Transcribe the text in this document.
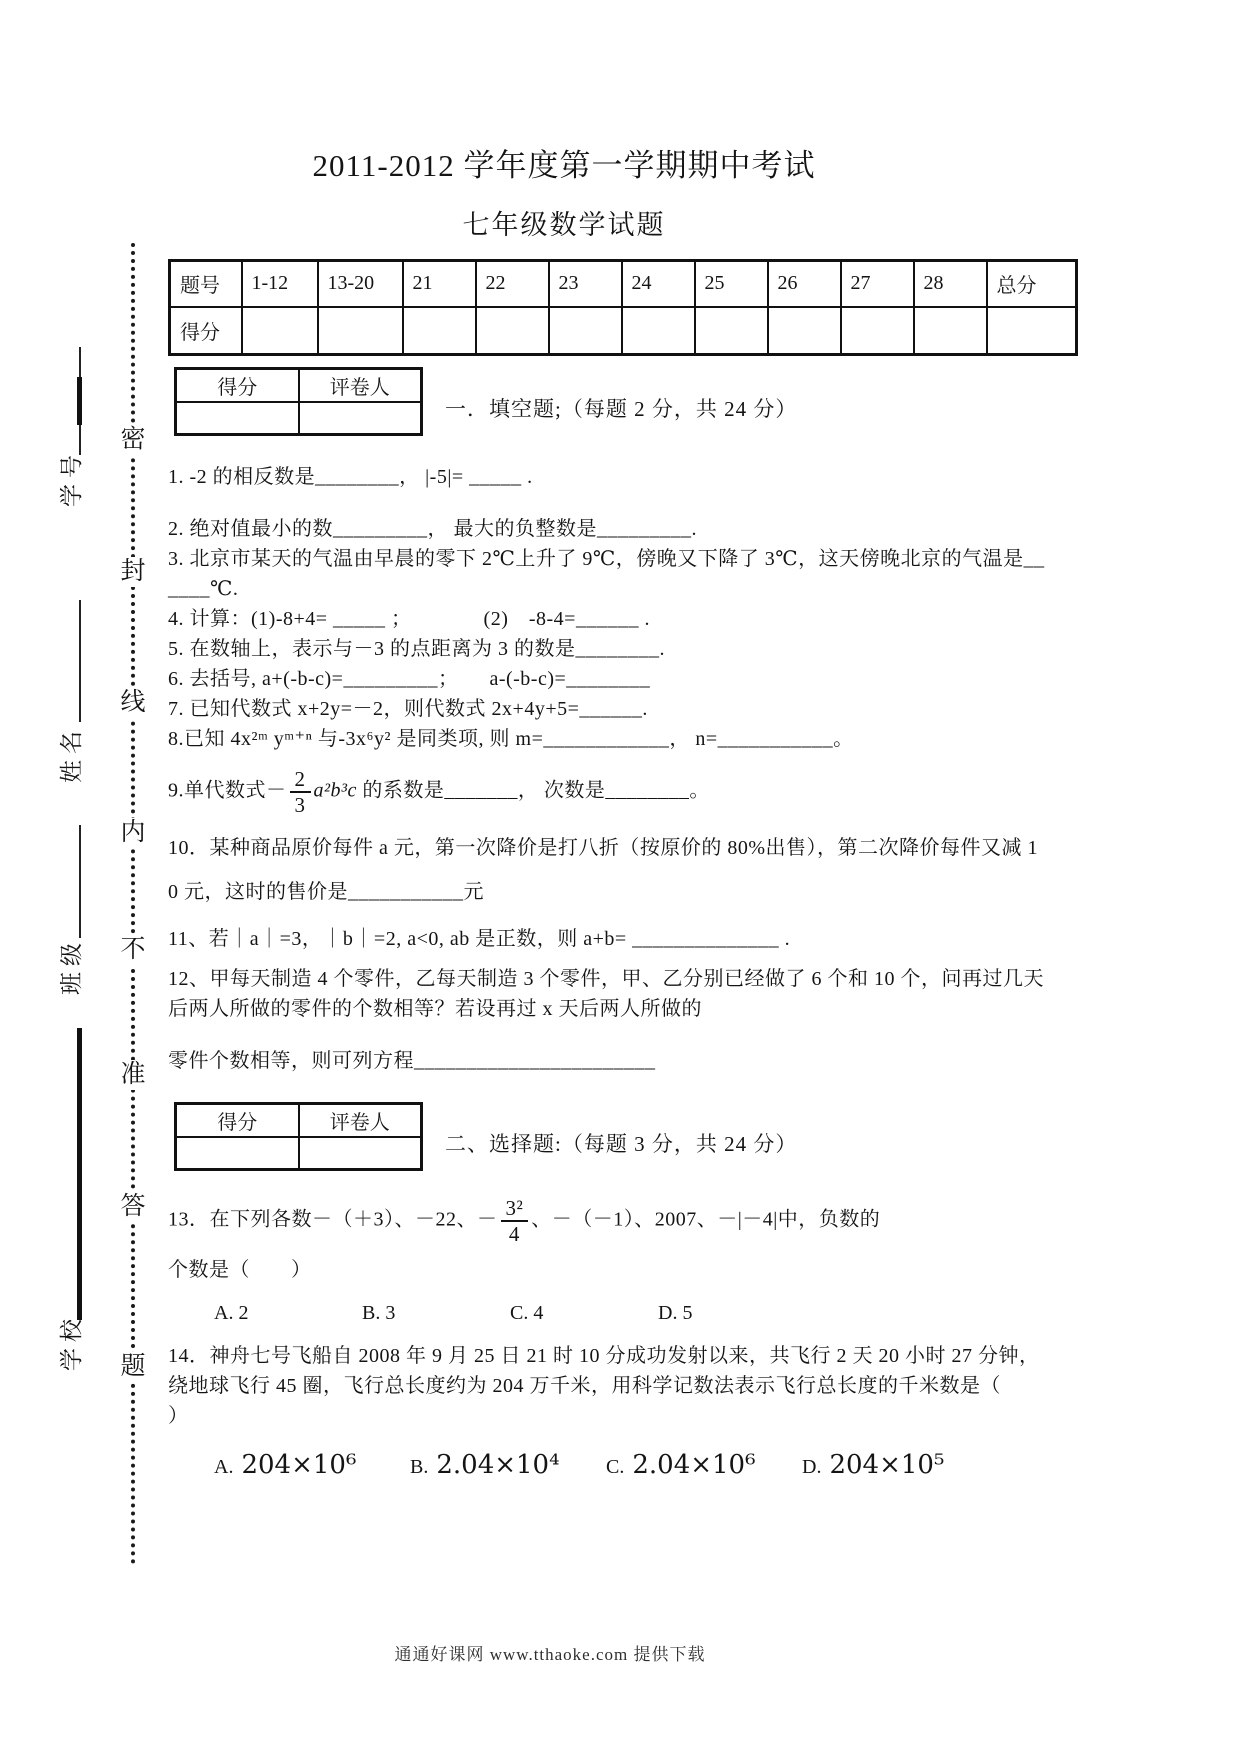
学号
姓名
班级
学校
密
封
线
内
不
准
答
题
2011-2012 学年度第一学期期中考试
七年级数学试题
题号	1-12	13-20	21	22	23	24	25	26	27	28	总分
得分											
得分	评卷人

一．填空题;（每题 2 分，共 24 分）

1. ‐2 的相反数是________， |-5|= _____ .

2. 绝对值最小的数_________， 最大的负整数是_________.

3. 北京市某天的气温由早晨的零下 2℃上升了 9℃，傍晚又下降了 3℃，这天傍晚北京的气温是______℃.

4. 计算：(1)-8+4= _____ ；　　　　(2)　-8-4=______ .

5. 在数轴上，表示与－3 的点距离为 3 的数是________.

6. 去括号, a+(-b-c)=_________；　　a-(-b-c)=________

7. 已知代数式 x+2y=－2，则代数式 2x+4y+5=______.

8.已知 4x²ᵐ yᵐ⁺ⁿ 与-3x⁶y² 是同类项, 则 m=____________， n=___________。

9.单代数式－ $\frac{2}{3} a^2b^3c$ 的系数是_______， 次数是________。

10．某种商品原价每件 a 元，第一次降价是打八折（按原价的 80%出售），第二次降价每件又减 10 元，这时的售价是___________元

11、若｜a｜=3，｜b｜=2, a<0, ab 是正数，则 a+b= ______________ .

12、甲每天制造 4 个零件，乙每天制造 3 个零件，甲、乙分别已经做了 6 个和 10 个，问再过几天后两人所做的零件的个数相等？若设再过 x 天后两人所做的

零件个数相等，则可列方程_______________________

得分	评卷人

二、选择题:（每题 3 分，共 24 分）

13．在下列各数－（＋3）、－22、－ $\frac{\text{3²}}{4}$ 、－（－1）、2007、－|－4|中，负数的

个数是（　　）

A. 2	B. 3	C. 4	D. 5

14．神舟七号飞船自 2008 年 9 月 25 日 21 时 10 分成功发射以来，共飞行 2 天 20 小时 27 分钟，绕地球飞行 45 圈，飞行总长度约为 204 万千米，用科学记数法表示飞行总长度的千米数是（　　）

A. 204×10⁶	B. 2.04×10⁴	C. 2.04×10⁶	D. 204×10⁵
通通好课网 www.tthaoke.com 提供下载
